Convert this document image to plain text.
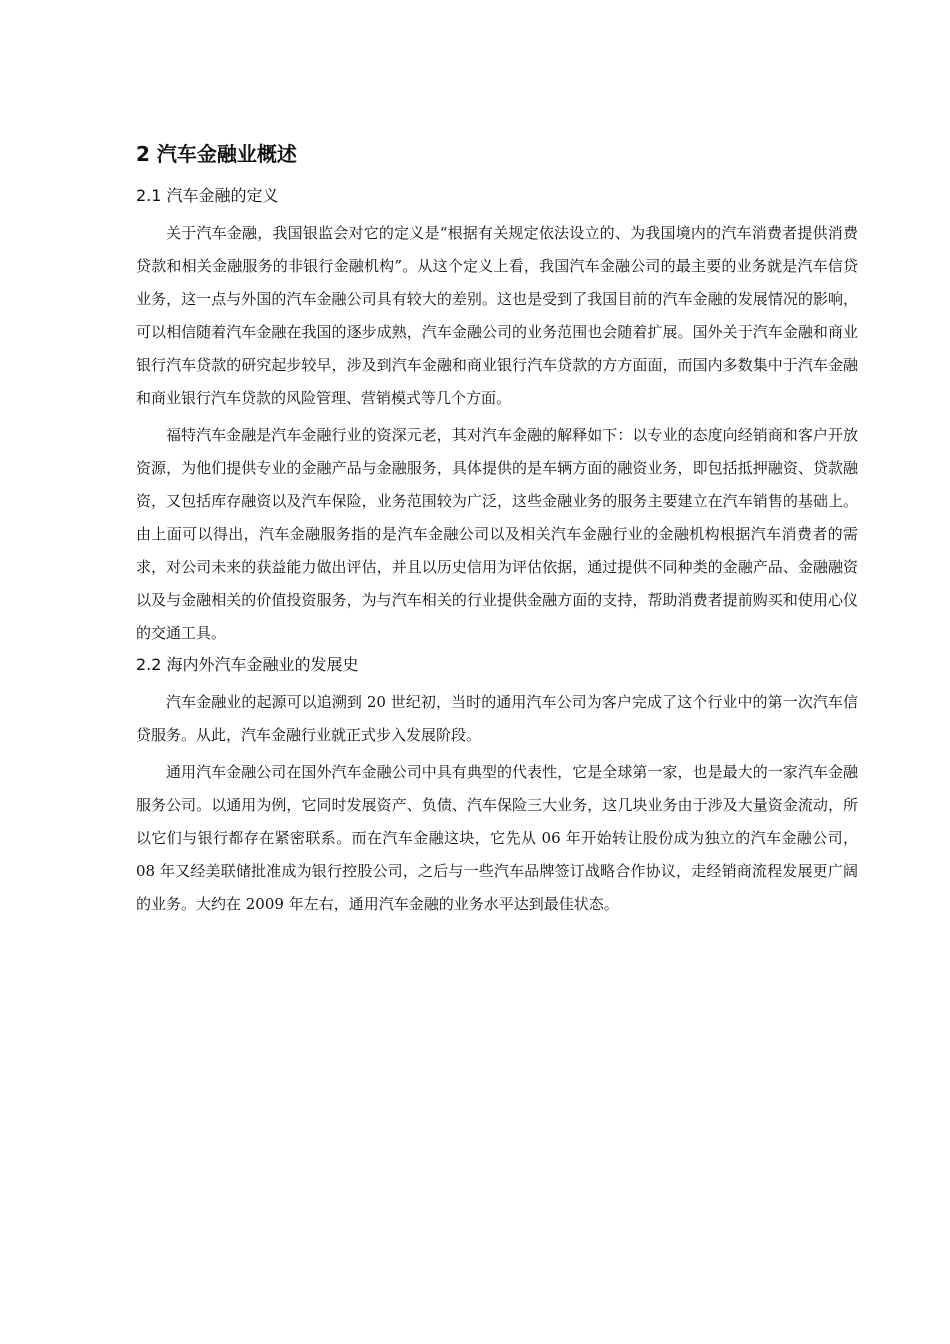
2 汽车金融业概述
2.1 汽车金融的定义

关于汽车金融，我国银监会对它的定义是“根据有关规定依法设立的、为我国境内的汽车消费者提供消费贷款和相关金融服务的非银行金融机构”。从这个定义上看，我国汽车金融公司的最主要的业务就是汽车信贷业务，这一点与外国的汽车金融公司具有较大的差别。这也是受到了我国目前的汽车金融的发展情况的影响，可以相信随着汽车金融在我国的逐步成熟，汽车金融公司的业务范围也会随着扩展。国外关于汽车金融和商业银行汽车贷款的研究起步较早，涉及到汽车金融和商业银行汽车贷款的方方面面，而国内多数集中于汽车金融和商业银行汽车贷款的风险管理、营销模式等几个方面。

福特汽车金融是汽车金融行业的资深元老，其对汽车金融的解释如下：以专业的态度向经销商和客户开放资源，为他们提供专业的金融产品与金融服务，具体提供的是车辆方面的融资业务，即包括抵押融资、贷款融资，又包括库存融资以及汽车保险，业务范围较为广泛，这些金融业务的服务主要建立在汽车销售的基础上。由上面可以得出，汽车金融服务指的是汽车金融公司以及相关汽车金融行业的金融机构根据汽车消费者的需求，对公司未来的获益能力做出评估，并且以历史信用为评估依据，通过提供不同种类的金融产品、金融融资以及与金融相关的价值投资服务，为与汽车相关的行业提供金融方面的支持，帮助消费者提前购买和使用心仪的交通工具。

2.2 海内外汽车金融业的发展史

汽车金融业的起源可以追溯到 20 世纪初，当时的通用汽车公司为客户完成了这个行业中的第一次汽车信贷服务。从此，汽车金融行业就正式步入发展阶段。

通用汽车金融公司在国外汽车金融公司中具有典型的代表性，它是全球第一家，也是最大的一家汽车金融服务公司。以通用为例，它同时发展资产、负债、汽车保险三大业务，这几块业务由于涉及大量资金流动，所以它们与银行都存在紧密联系。而在汽车金融这块，它先从 06 年开始转让股份成为独立的汽车金融公司，08 年又经美联储批准成为银行控股公司，之后与一些汽车品牌签订战略合作协议，走经销商流程发展更广阔的业务。大约在 2009 年左右，通用汽车金融的业务水平达到最佳状态。
